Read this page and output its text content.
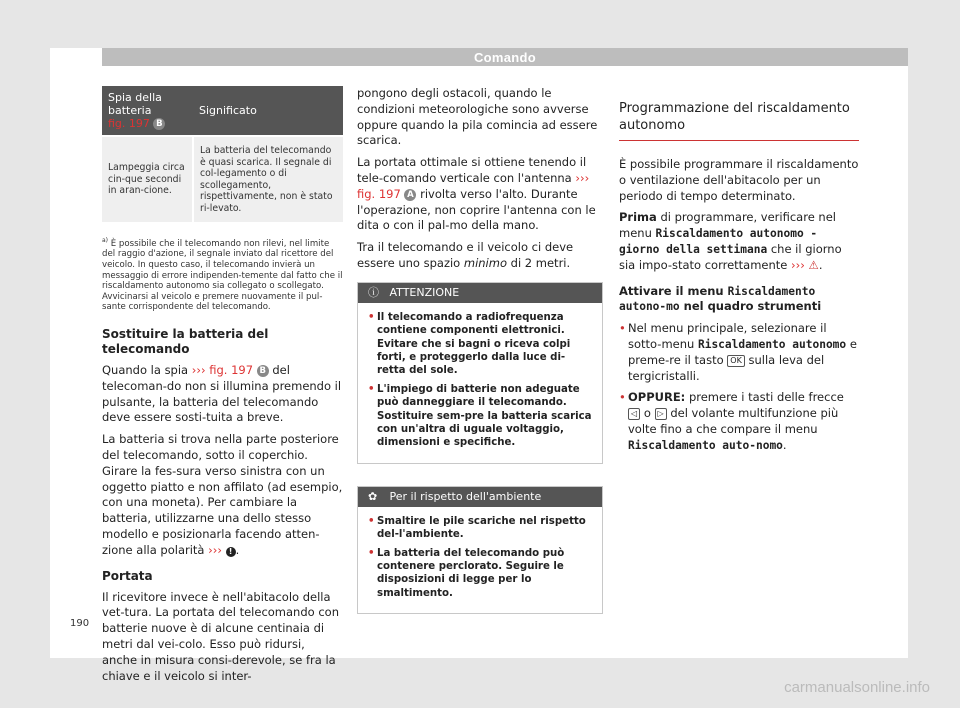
Comando
Spia della batteria
fig. 197 B	Significato
Lampeggia circa cin-que secondi in aran-cione.	La batteria del telecomando è quasi scarica. Il segnale di col-legamento o di scollegamento, rispettivamente, non è stato ri-levato.
$^{a)}$ È possibile che il telecomando non rilevi, nel limite del raggio d'azione, il segnale inviato dal ricettore del veicolo. In questo caso, il telecomando invierà un messaggio di errore indipenden-temente dal fatto che il riscaldamento autonomo sia collegato o scollegato. Avvicinarsi al veicolo e premere nuovamente il pul-sante corrispondente del telecomando.
Sostituire la batteria del telecomando

Quando la spia ››› fig. 197 B del telecoman-do non si illumina premendo il pulsante, la batteria del telecomando deve essere sosti-tuita a breve.

La batteria si trova nella parte posteriore del telecomando, sotto il coperchio. Girare la fes-sura verso sinistra con un oggetto piatto e non affilato (ad esempio, con una moneta). Per cambiare la batteria, utilizzarne una dello stesso modello e posizionarla facendo atten-zione alla polarità ››› ! .

Portata

Il ricevitore invece è nell'abitacolo della vet-tura. La portata del telecomando con batterie nuove è di alcune centinaia di metri dal vei-colo. Esso può ridursi, anche in misura consi-derevole, se fra la chiave e il veicolo si inter-

pongono degli ostacoli, quando le condizioni meteorologiche sono avverse oppure quando la pila comincia ad essere scarica.

La portata ottimale si ottiene tenendo il tele-comando verticale con l'antenna ››› fig. 197 A rivolta verso l'alto. Durante l'operazione, non coprire l'antenna con le dita o con il pal-mo della mano.

Tra il telecomando e il veicolo ci deve essere uno spazio minimo di 2 metri.

ⓘ ATTENZIONE
• Il telecomando a radiofrequenza contiene componenti elettronici. Evitare che si bagni o riceva colpi forti, e proteggerlo dalla luce di-retta del sole.
• L'impiego di batterie non adeguate può danneggiare il telecomando. Sostituire sem-pre la batteria scarica con un'altra di uguale voltaggio, dimensioni e specifiche.
✿ Per il rispetto dell'ambiente
• Smaltire le pile scariche nel rispetto del-l'ambiente.
• La batteria del telecomando può contenere perclorato. Seguire le disposizioni di legge per lo smaltimento.
Programmazione del riscaldamento autonomo

È possibile programmare il riscaldamento o ventilazione dell'abitacolo per un periodo di tempo determinato.

Prima di programmare, verificare nel menu Riscaldamento autonomo - giorno della settimana che il giorno sia impo-stato correttamente ››› ⚠.

Attivare il menu Riscaldamento autono-mo nel quadro strumenti

• Nel menu principale, selezionare il sotto-menu Riscaldamento autonomo e preme-re il tasto OK sulla leva del tergicristalli.

• OPPURE: premere i tasti delle frecce ◁ o ▷ del volante multifunzione più volte fino a che compare il menu Riscaldamento auto-nomo.

190
carmanualsonline.info
